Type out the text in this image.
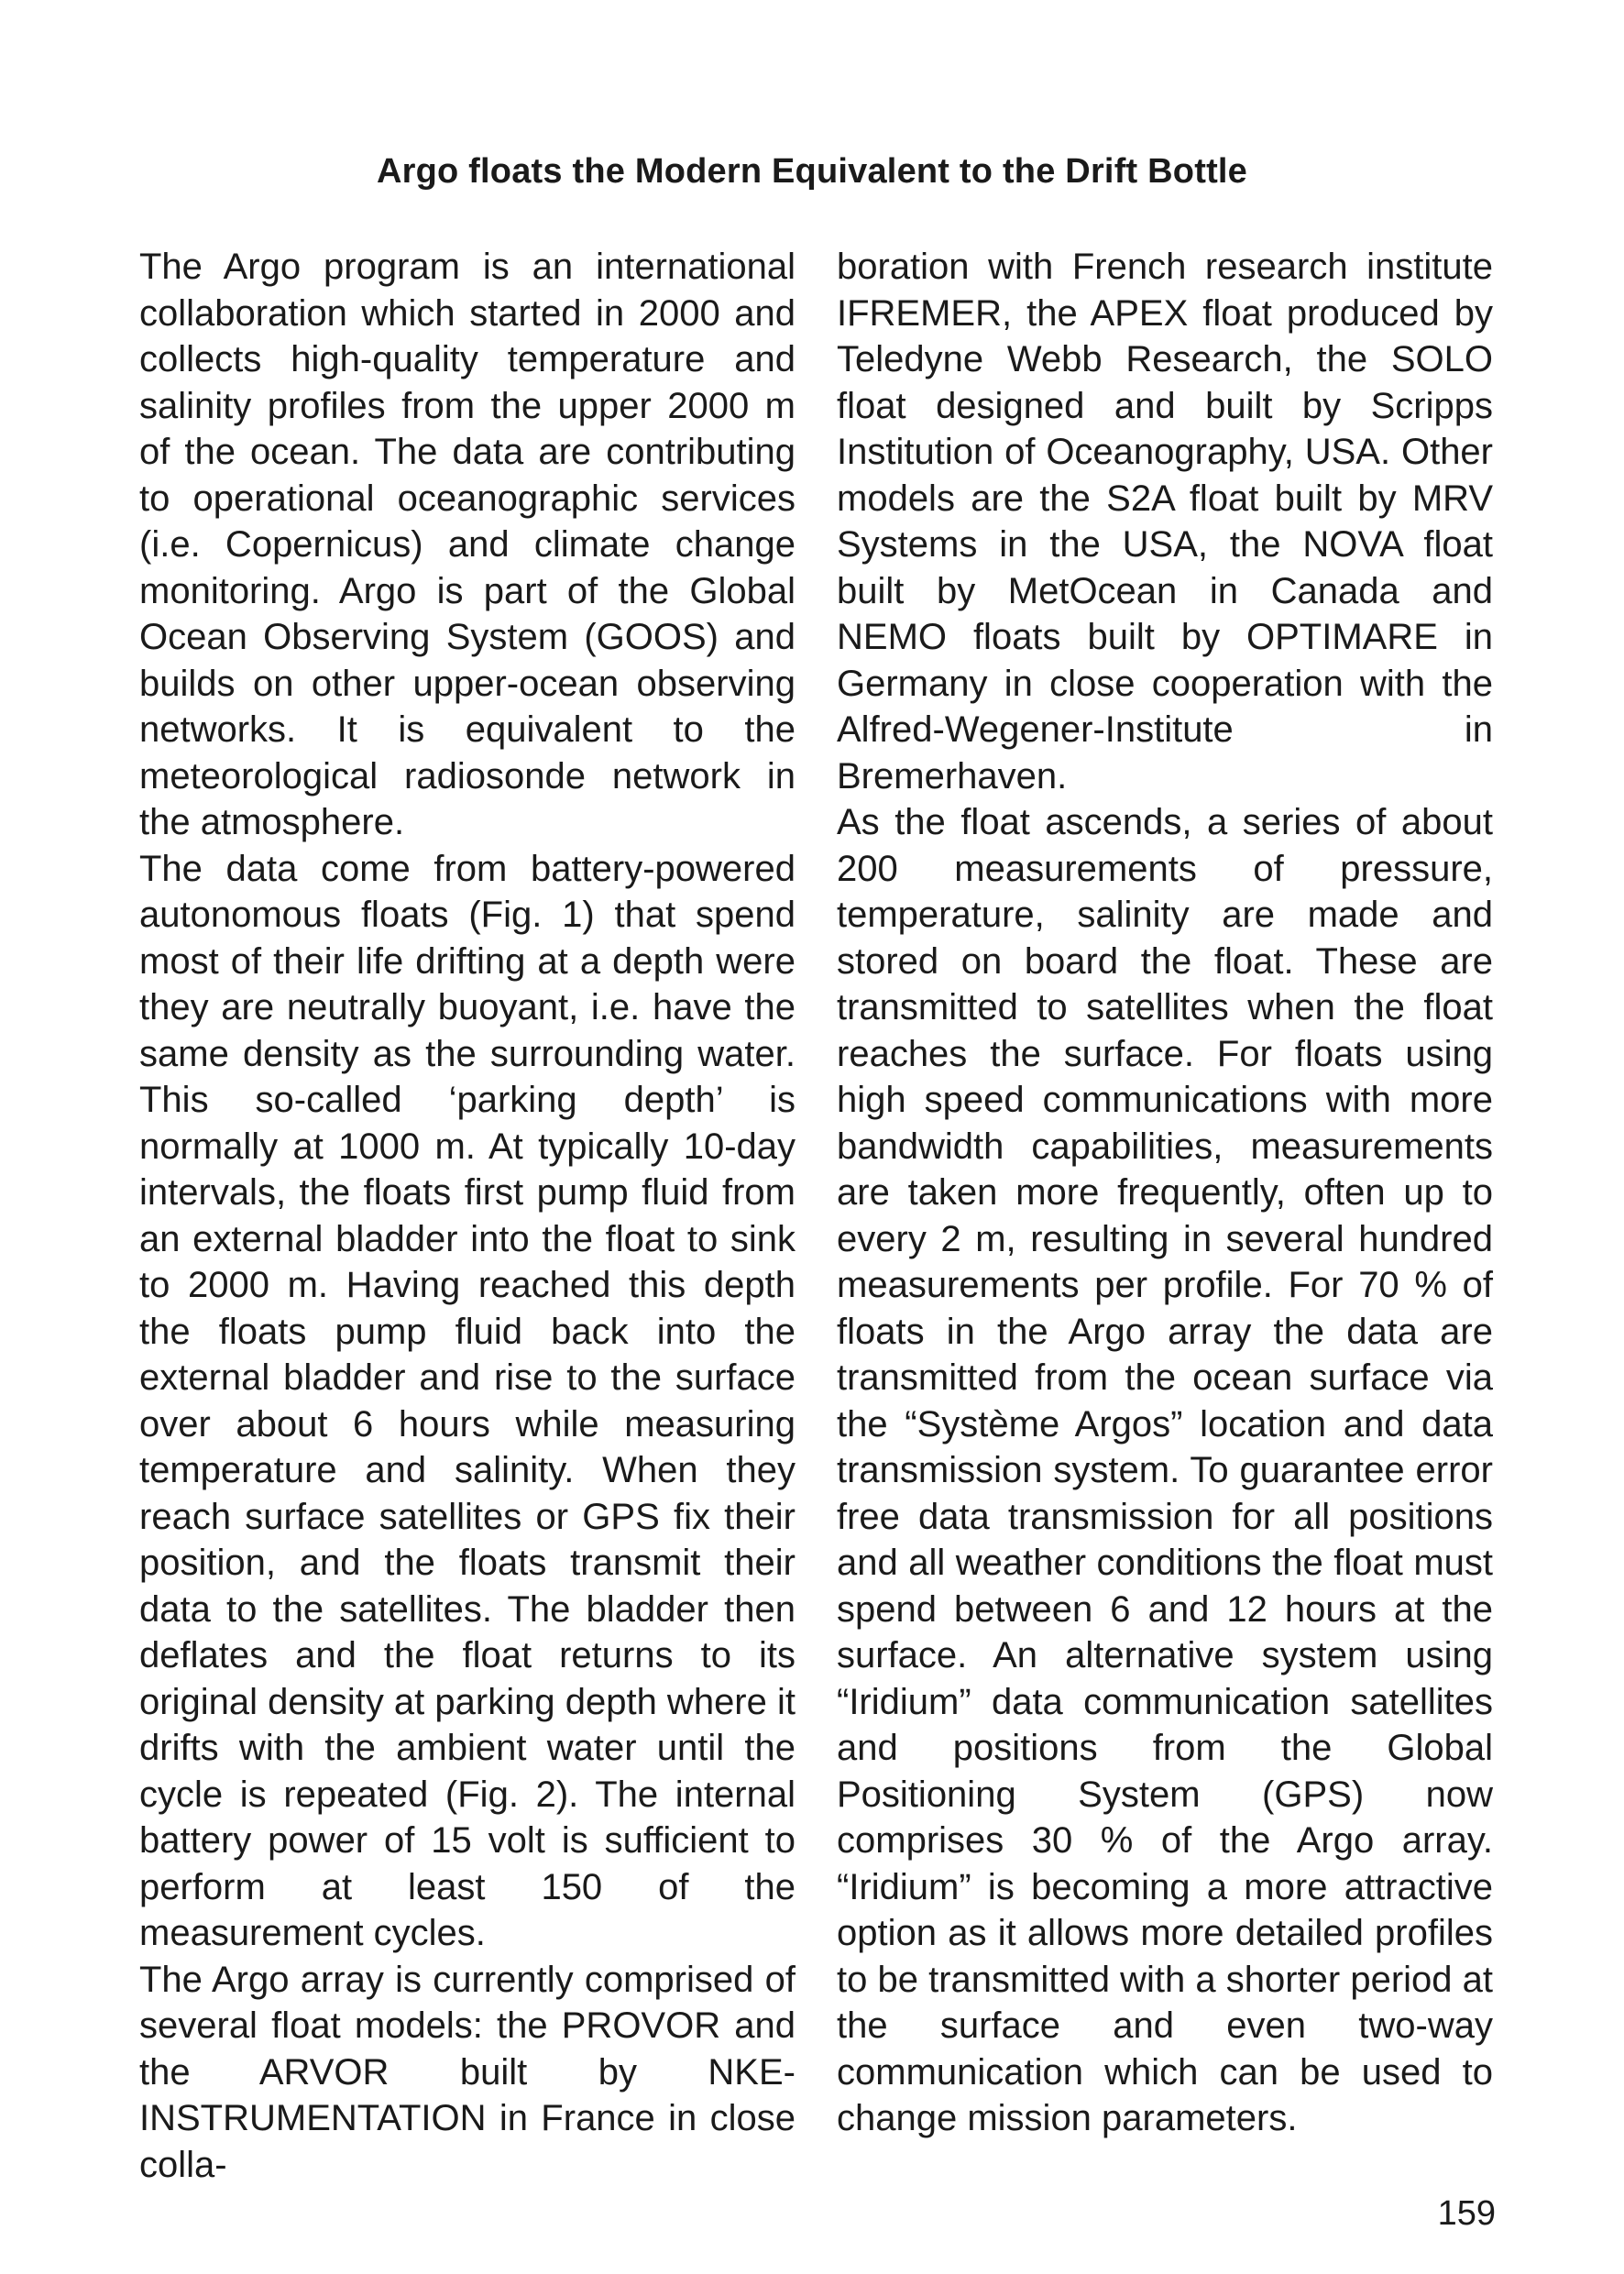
Argo floats the Modern Equivalent to the Drift Bottle

The Argo program is an international collaboration which started in 2000 and collects high-quality temperature and salinity profiles from the upper 2000 m of the ocean. The data are contributing to operational oceanographic services (i.e. Copernicus) and climate change monitoring. Argo is part of the Global Ocean Observing System (GOOS) and builds on other upper-ocean observing networks. It is equivalent to the meteorological radiosonde network in the atmosphere.

The data come from battery-powered autonomous floats (Fig. 1) that spend most of their life drifting at a depth were they are neutrally buoyant, i.e. have the same density as the surrounding water. This so-called ‘parking depth’ is normally at 1000 m. At typically 10-day intervals, the floats first pump fluid from an external bladder into the float to sink to 2000 m. Having reached this depth the floats pump fluid back into the external bladder and rise to the surface over about 6 hours while measuring temperature and salinity. When they reach surface satellites or GPS fix their position, and the floats transmit their data to the satellites. The bladder then deflates and the float returns to its original density at parking depth where it drifts with the ambient water until the cycle is repeated (Fig. 2). The internal battery power of 15 volt is sufficient to perform at least 150 of the measurement cycles.

The Argo array is currently comprised of several float models: the PROVOR and the ARVOR built by NKE-INSTRUMENTATION in France in close colla-

boration with French research institute IFREMER, the APEX float produced by Teledyne Webb Research, the SOLO float designed and built by Scripps Institution of Oceanography, USA. Other models are the S2A float built by MRV Systems in the USA, the NOVA float built by MetOcean in Canada and NEMO floats built by OPTIMARE in Germany in close cooperation with the Alfred-Wegener-Institute in Bremerhaven.

As the float ascends, a series of about 200 measurements of pressure, temperature, salinity are made and stored on board the float. These are transmitted to satellites when the float reaches the surface. For floats using high speed communications with more bandwidth capabilities, measurements are taken more frequently, often up to every 2 m, resulting in several hundred measurements per profile. For 70 % of floats in the Argo array the data are transmitted from the ocean surface via the “Système Argos” location and data transmission system. To guarantee error free data transmission for all positions and all weather conditions the float must spend between 6 and 12 hours at the surface. An alternative system using “Iridium” data communication satellites and positions from the Global Positioning System (GPS) now comprises 30 % of the Argo array. “Iridium” is becoming a more attractive option as it allows more detailed profiles to be transmitted with a shorter period at the surface and even two-way communication which can be used to change mission parameters.

159
